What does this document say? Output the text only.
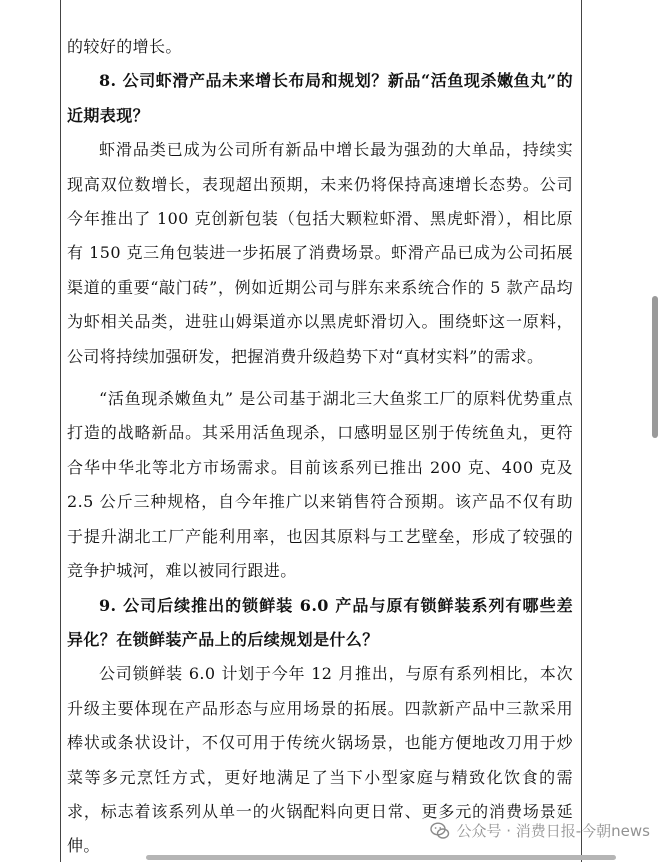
的较好的增长。

8. 公司虾滑产品未来增长布局和规划？新品“活鱼现杀嫩鱼丸”的近期表现？

虾滑品类已成为公司所有新品中增长最为强劲的大单品，持续实现高双位数增长，表现超出预期，未来仍将保持高速增长态势。公司今年推出了 100 克创新包装（包括大颗粒虾滑、黑虎虾滑），相比原有 150 克三角包装进一步拓展了消费场景。虾滑产品已成为公司拓展渠道的重要“敲门砖”，例如近期公司与胖东来系统合作的 5 款产品均为虾相关品类，进驻山姆渠道亦以黑虎虾滑切入。围绕虾这一原料，公司将持续加强研发，把握消费升级趋势下对“真材实料”的需求。

“活鱼现杀嫩鱼丸” 是公司基于湖北三大鱼浆工厂的原料优势重点打造的战略新品。其采用活鱼现杀，口感明显区别于传统鱼丸，更符合华中华北等北方市场需求。目前该系列已推出 200 克、400 克及 2.5 公斤三种规格，自今年推广以来销售符合预期。该产品不仅有助于提升湖北工厂产能利用率，也因其原料与工艺壁垒，形成了较强的竞争护城河，难以被同行跟进。

9. 公司后续推出的锁鲜装 6.0 产品与原有锁鲜装系列有哪些差异化？在锁鲜装产品上的后续规划是什么？

公司锁鲜装 6.0 计划于今年 12 月推出，与原有系列相比，本次升级主要体现在产品形态与应用场景的拓展。四款新产品中三款采用棒状或条状设计，不仅可用于传统火锅场景，也能方便地改刀用于炒菜等多元烹饪方式，更好地满足了当下小型家庭与精致化饮食的需求，标志着该系列从单一的火锅配料向更日常、更多元的消费场景延伸。

公众号 · 消费日报-今朝news
